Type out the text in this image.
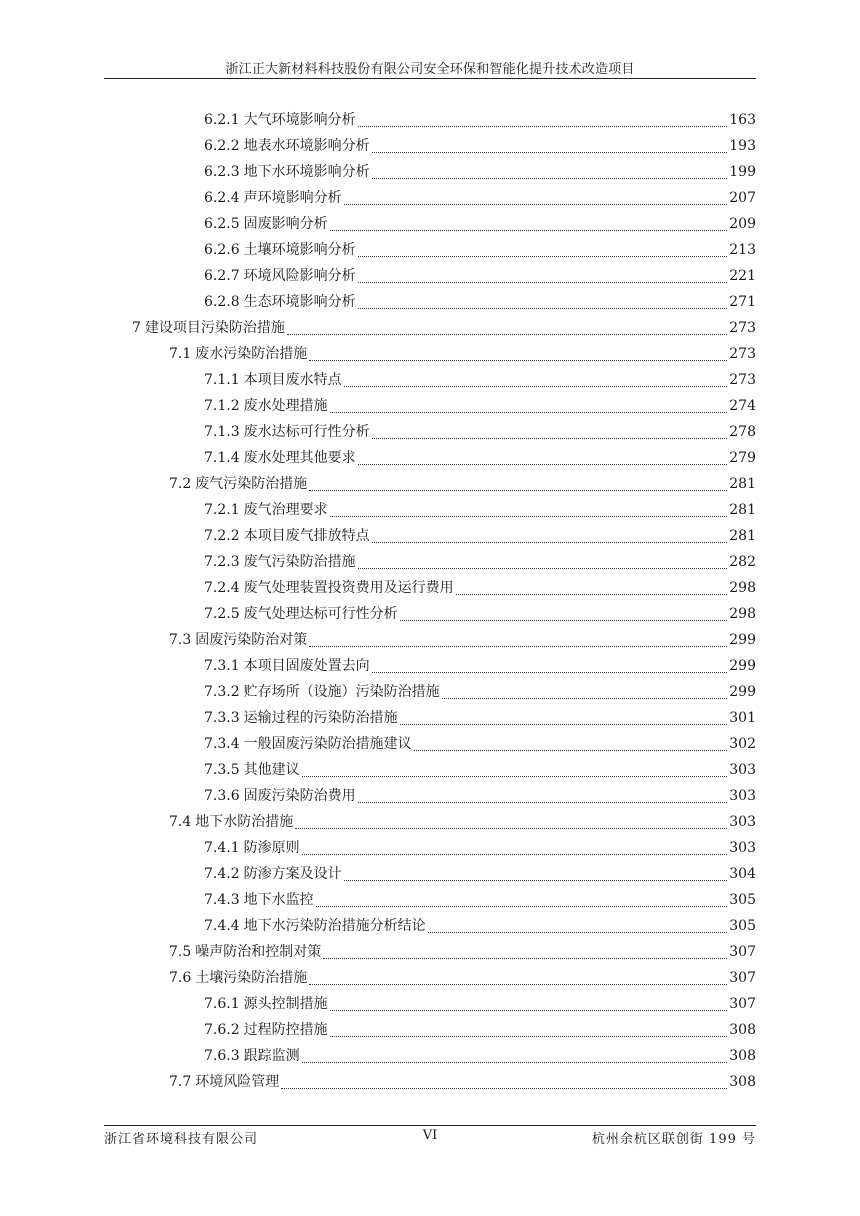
浙江正大新材料科技股份有限公司安全环保和智能化提升技术改造项目
6.2.1 大气环境影响分析	163
6.2.2 地表水环境影响分析	193
6.2.3 地下水环境影响分析	199
6.2.4 声环境影响分析	207
6.2.5 固废影响分析	209
6.2.6 土壤环境影响分析	213
6.2.7 环境风险影响分析	221
6.2.8 生态环境影响分析	271
7 建设项目污染防治措施	273
7.1 废水污染防治措施	273
7.1.1 本项目废水特点	273
7.1.2 废水处理措施	274
7.1.3 废水达标可行性分析	278
7.1.4 废水处理其他要求	279
7.2 废气污染防治措施	281
7.2.1 废气治理要求	281
7.2.2 本项目废气排放特点	281
7.2.3 废气污染防治措施	282
7.2.4 废气处理装置投资费用及运行费用	298
7.2.5 废气处理达标可行性分析	298
7.3 固废污染防治对策	299
7.3.1 本项目固废处置去向	299
7.3.2 贮存场所（设施）污染防治措施	299
7.3.3 运输过程的污染防治措施	301
7.3.4 一般固废污染防治措施建议	302
7.3.5 其他建议	303
7.3.6 固废污染防治费用	303
7.4 地下水防治措施	303
7.4.1 防渗原则	303
7.4.2 防渗方案及设计	304
7.4.3 地下水监控	305
7.4.4 地下水污染防治措施分析结论	305
7.5 噪声防治和控制对策	307
7.6 土壤污染防治措施	307
7.6.1 源头控制措施	307
7.6.2 过程防控措施	308
7.6.3 跟踪监测	308
7.7 环境风险管理	308
浙江省环境科技有限公司	VI	杭州余杭区联创街 199 号
